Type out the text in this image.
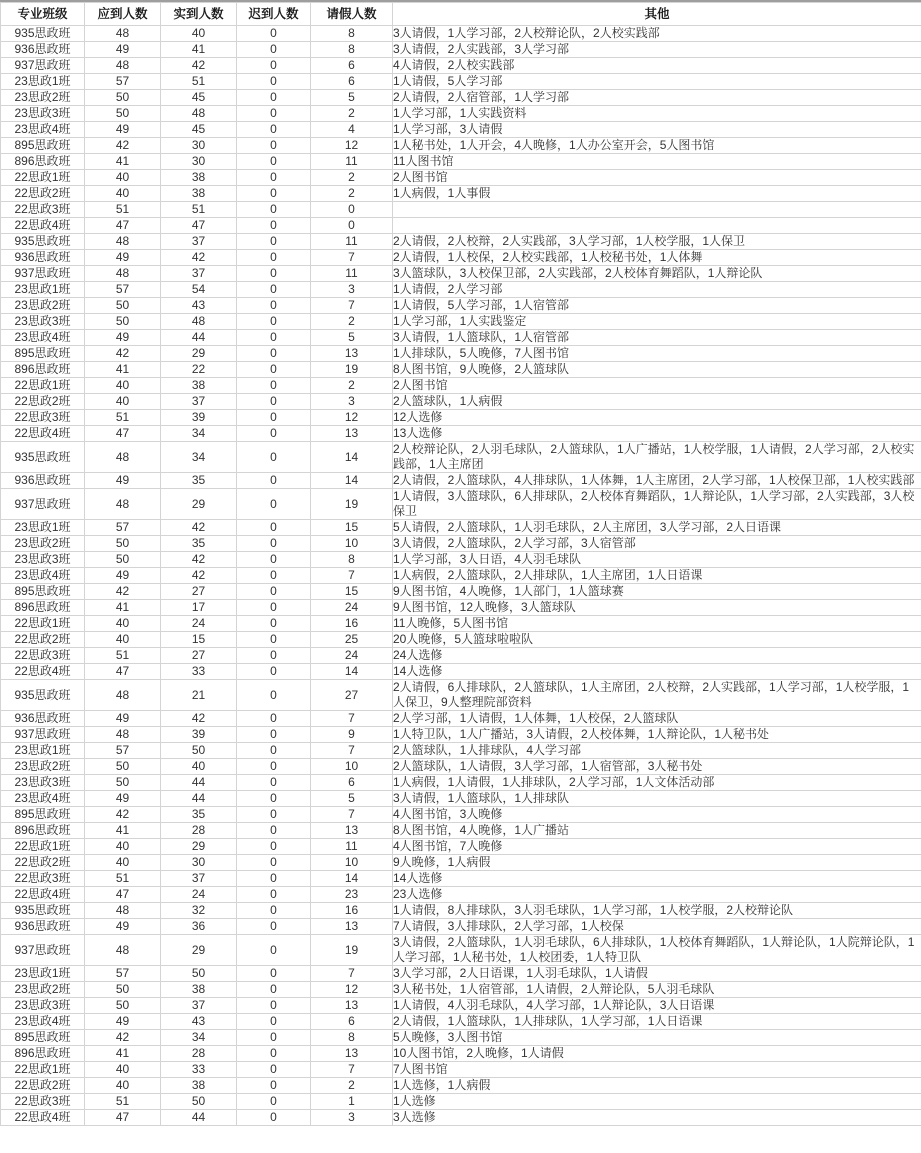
专业班级	应到人数	实到人数	迟到人数	请假人数	其他
935思政班	48	40	0	8	3人请假，1人学习部，2人校辩论队，2人校实践部
936思政班	49	41	0	8	3人请假，2人实践部，3人学习部
937思政班	48	42	0	6	4人请假，2人校实践部
23思政1班	57	51	0	6	1人请假，5人学习部
23思政2班	50	45	0	5	2人请假，2人宿管部，1人学习部
23思政3班	50	48	0	2	1人学习部，1人实践资料
23思政4班	49	45	0	4	1人学习部，3人请假
895思政班	42	30	0	12	1人秘书处，1人开会，4人晚修，1人办公室开会，5人图书馆
896思政班	41	30	0	11	11人图书馆
22思政1班	40	38	0	2	2人图书馆
22思政2班	40	38	0	2	1人病假，1人事假
22思政3班	51	51	0	0	
22思政4班	47	47	0	0	
935思政班	48	37	0	11	2人请假，2人校辩，2人实践部，3人学习部，1人校学服，1人保卫
936思政班	49	42	0	7	2人请假，1人校保，2人校实践部，1人校秘书处，1人体舞
937思政班	48	37	0	11	3人篮球队，3人校保卫部，2人实践部，2人校体育舞蹈队，1人辩论队
23思政1班	57	54	0	3	1人请假，2人学习部
23思政2班	50	43	0	7	1人请假，5人学习部，1人宿管部
23思政3班	50	48	0	2	1人学习部，1人实践鉴定
23思政4班	49	44	0	5	3人请假，1人篮球队，1人宿管部
895思政班	42	29	0	13	1人排球队，5人晚修，7人图书馆
896思政班	41	22	0	19	8人图书馆，9人晚修，2人篮球队
22思政1班	40	38	0	2	2人图书馆
22思政2班	40	37	0	3	2人篮球队，1人病假
22思政3班	51	39	0	12	12人选修
22思政4班	47	34	0	13	13人选修
935思政班	48	34	0	14	2人校辩论队，2人羽毛球队，2人篮球队，1人广播站，1人校学服，1人请假，2人学习部，2人校实践部，1人主席团
936思政班	49	35	0	14	2人请假，2人篮球队，4人排球队，1人体舞，1人主席团，2人学习部，1人校保卫部，1人校实践部
937思政班	48	29	0	19	1人请假，3人篮球队，6人排球队，2人校体育舞蹈队，1人辩论队，1人学习部，2人实践部，3人校保卫
23思政1班	57	42	0	15	5人请假，2人篮球队，1人羽毛球队，2人主席团，3人学习部，2人日语课
23思政2班	50	35	0	10	3人请假，2人篮球队，2人学习部，3人宿管部
23思政3班	50	42	0	8	1人学习部，3人日语，4人羽毛球队
23思政4班	49	42	0	7	1人病假，2人篮球队，2人排球队，1人主席团，1人日语课
895思政班	42	27	0	15	9人图书馆，4人晚修，1人部门，1人篮球赛
896思政班	41	17	0	24	9人图书馆，12人晚修，3人篮球队
22思政1班	40	24	0	16	11人晚修，5人图书馆
22思政2班	40	15	0	25	20人晚修，5人篮球啦啦队
22思政3班	51	27	0	24	24人选修
22思政4班	47	33	0	14	14人选修
935思政班	48	21	0	27	2人请假，6人排球队，2人篮球队，1人主席团，2人校辩，2人实践部，1人学习部，1人校学服，1人保卫，9人整理院部资料
936思政班	49	42	0	7	2人学习部，1人请假，1人体舞，1人校保，2人篮球队
937思政班	48	39	0	9	1人特卫队，1人广播站，3人请假，2人校体舞，1人辩论队，1人秘书处
23思政1班	57	50	0	7	2人篮球队，1人排球队，4人学习部
23思政2班	50	40	0	10	2人篮球队，1人请假，3人学习部，1人宿管部，3人秘书处
23思政3班	50	44	0	6	1人病假，1人请假，1人排球队，2人学习部，1人文体活动部
23思政4班	49	44	0	5	3人请假，1人篮球队，1人排球队
895思政班	42	35	0	7	4人图书馆，3人晚修
896思政班	41	28	0	13	8人图书馆，4人晚修，1人广播站
22思政1班	40	29	0	11	4人图书馆，7人晚修
22思政2班	40	30	0	10	9人晚修，1人病假
22思政3班	51	37	0	14	14人选修
22思政4班	47	24	0	23	23人选修
935思政班	48	32	0	16	1人请假，8人排球队，3人羽毛球队，1人学习部，1人校学服，2人校辩论队
936思政班	49	36	0	13	7人请假，3人排球队，2人学习部，1人校保
937思政班	48	29	0	19	3人请假，2人篮球队，1人羽毛球队，6人排球队，1人校体育舞蹈队，1人辩论队，1人院辩论队，1人学习部，1人秘书处，1人校团委，1人特卫队
23思政1班	57	50	0	7	3人学习部，2人日语课，1人羽毛球队，1人请假
23思政2班	50	38	0	12	3人秘书处，1人宿管部，1人请假，2人辩论队，5人羽毛球队
23思政3班	50	37	0	13	1人请假，4人羽毛球队，4人学习部，1人辩论队，3人日语课
23思政4班	49	43	0	6	2人请假，1人篮球队，1人排球队，1人学习部，1人日语课
895思政班	42	34	0	8	5人晚修，3人图书馆
896思政班	41	28	0	13	10人图书馆，2人晚修，1人请假
22思政1班	40	33	0	7	7人图书馆
22思政2班	40	38	0	2	1人选修，1人病假
22思政3班	51	50	0	1	1人选修
22思政4班	47	44	0	3	3人选修
